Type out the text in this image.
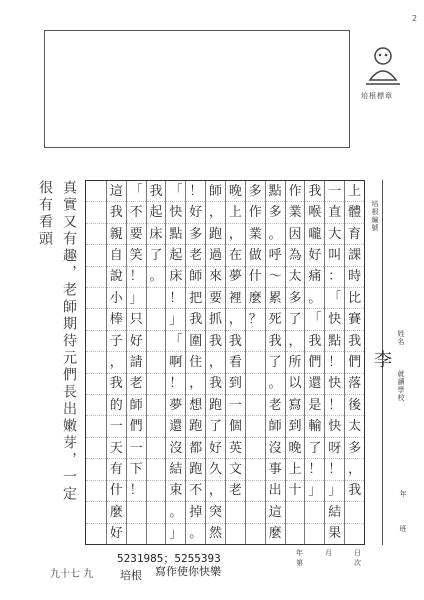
2
培根標章
上
體
育
課
時
比
賽
我
們
落
後
太
多
，
我
一
直
大
叫
：
「
快
點
！
快
！
快
呀
！
」
結
果
我
喉
嚨
好
痛
。
「
我
們
還
是
輸
了
！
」
作
業
因
為
太
多
了
，
所
以
寫
到
晚
上
十
點
多
。
呼
～
累
死
我
了
。
老
師
沒
事
出
這
麼
多
作
業
做
什
麼
？
晚
上
，
在
夢
裡
，
我
看
到
一
個
英
文
老
師
，
跑
過
來
要
抓
我
，
我
跑
了
好
久
，
突
然
！
好
多
老
師
把
我
圍
住
，
想
跑
都
跑
不
掉
。
「
快
點
起
床
！
」
「
啊
！
夢
還
沒
結
束
。
」
我
起
床
了
。
「
不
要
笑
！
」
只
好
請
老
師
們
一
下
！
這
我
親
自
說
小
棒
子
，
我
的
一
天
有
什
麼
好
真實又有趣，老師期待元們長出嫩芽，一定
很有看頭
九十七 九
培根編號
姓名
李
就讀學校
年
班
年	月	日
第	次
5231985；5255393
培根 寫作使你快樂
